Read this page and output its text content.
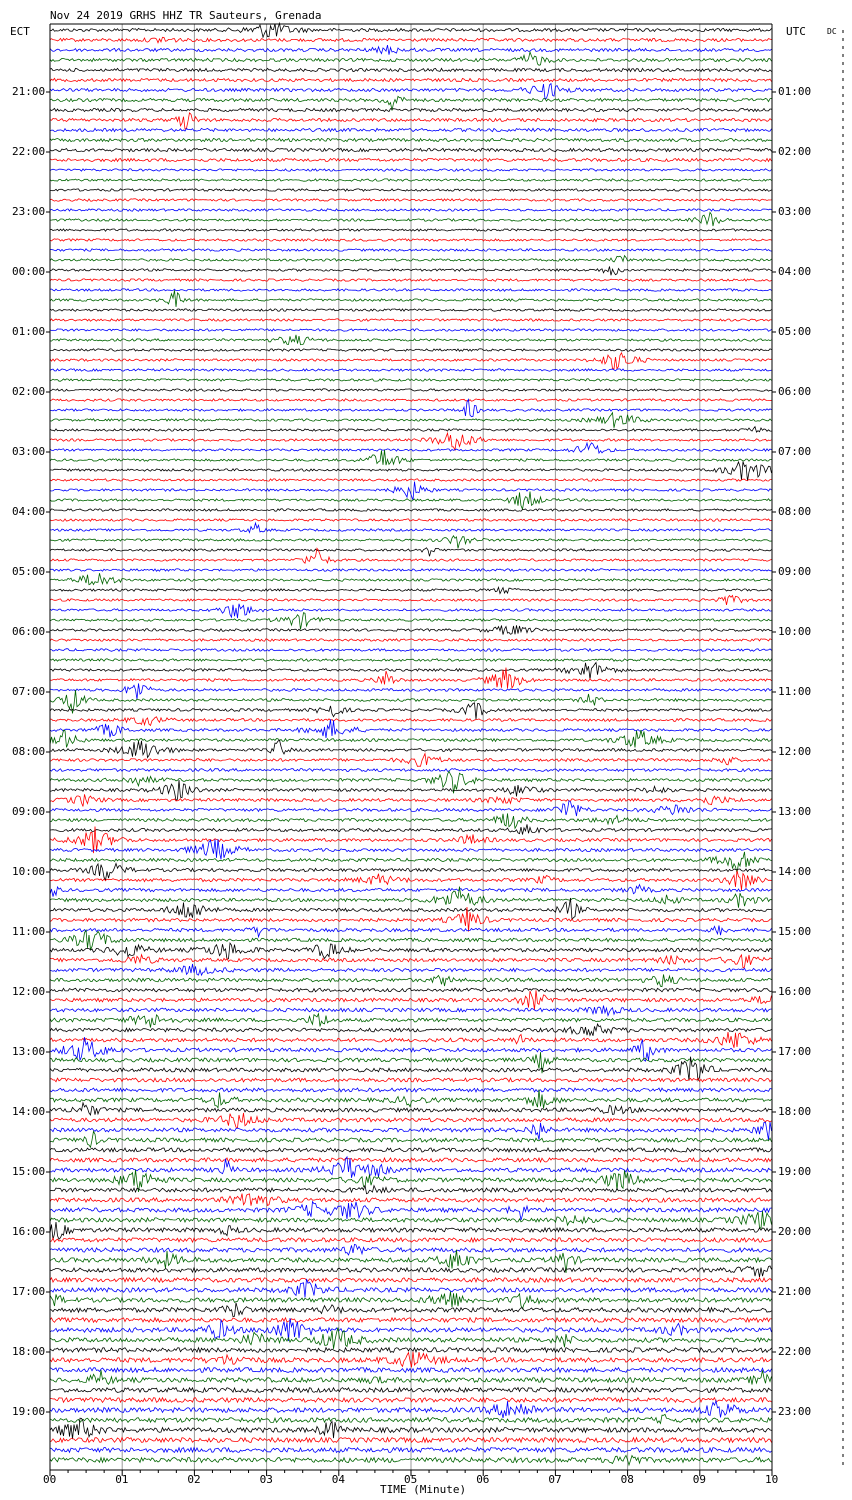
Nov 24 2019 GRHS HHZ TR Sauteurs, Grenada
ECT	UTC	DC
TIME (Minute)
21:00
22:00
23:00
00:00
01:00
02:00
03:00
04:00
05:00
06:00
07:00
08:00
09:00
10:00
11:00
12:00
13:00
14:00
15:00
16:00
17:00
18:00
19:00
01:00
02:00
03:00
04:00
05:00
06:00
07:00
08:00
09:00
10:00
11:00
12:00
13:00
14:00
15:00
16:00
17:00
18:00
19:00
20:00
21:00
22:00
23:00
00	01	02	03	04	05	06	07	08	09	10
